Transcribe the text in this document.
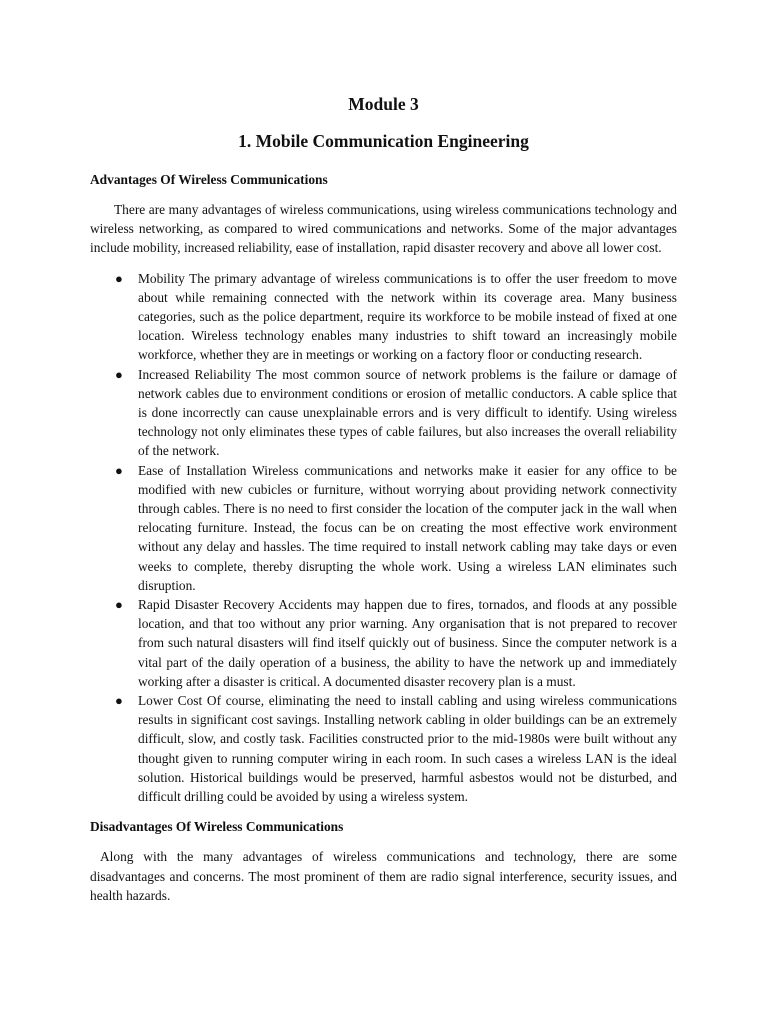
Module 3

1. Mobile Communication Engineering

Advantages Of Wireless Communications

There are many advantages of wireless communications, using wireless communications technology and wireless networking, as compared to wired communications and networks. Some of the major advantages include mobility, increased reliability, ease of installation, rapid disaster recovery and above all lower cost.

● Mobility The primary advantage of wireless communications is to offer the user freedom to move about while remaining connected with the network within its coverage area. Many business categories, such as the police department, require its workforce to be mobile instead of fixed at one location. Wireless technology enables many industries to shift toward an increasingly mobile workforce, whether they are in meetings or working on a factory floor or conducting research.
● Increased Reliability The most common source of network problems is the failure or damage of network cables due to environment conditions or erosion of metallic conductors. A cable splice that is done incorrectly can cause unexplainable errors and is very difficult to identify. Using wireless technology not only eliminates these types of cable failures, but also increases the overall reliability of the network.
● Ease of Installation Wireless communications and networks make it easier for any office to be modified with new cubicles or furniture, without worrying about providing network connectivity through cables. There is no need to first consider the location of the computer jack in the wall when relocating furniture. Instead, the focus can be on creating the most effective work environment without any delay and hassles. The time required to install network cabling may take days or even weeks to complete, thereby disrupting the whole work. Using a wireless LAN eliminates such disruption.
● Rapid Disaster Recovery Accidents may happen due to fires, tornados, and floods at any possible location, and that too without any prior warning. Any organisation that is not prepared to recover from such natural disasters will find itself quickly out of business. Since the computer network is a vital part of the daily operation of a business, the ability to have the network up and immediately working after a disaster is critical. A documented disaster recovery plan is a must.
● Lower Cost Of course, eliminating the need to install cabling and using wireless communications results in significant cost savings. Installing network cabling in older buildings can be an extremely difficult, slow, and costly task. Facilities constructed prior to the mid-1980s were built without any thought given to running computer wiring in each room. In such cases a wireless LAN is the ideal solution. Historical buildings would be preserved, harmful asbestos would not be disturbed, and difficult drilling could be avoided by using a wireless system.

Disadvantages Of Wireless Communications

Along with the many advantages of wireless communications and technology, there are some disadvantages and concerns. The most prominent of them are radio signal interference, security issues, and health hazards.
